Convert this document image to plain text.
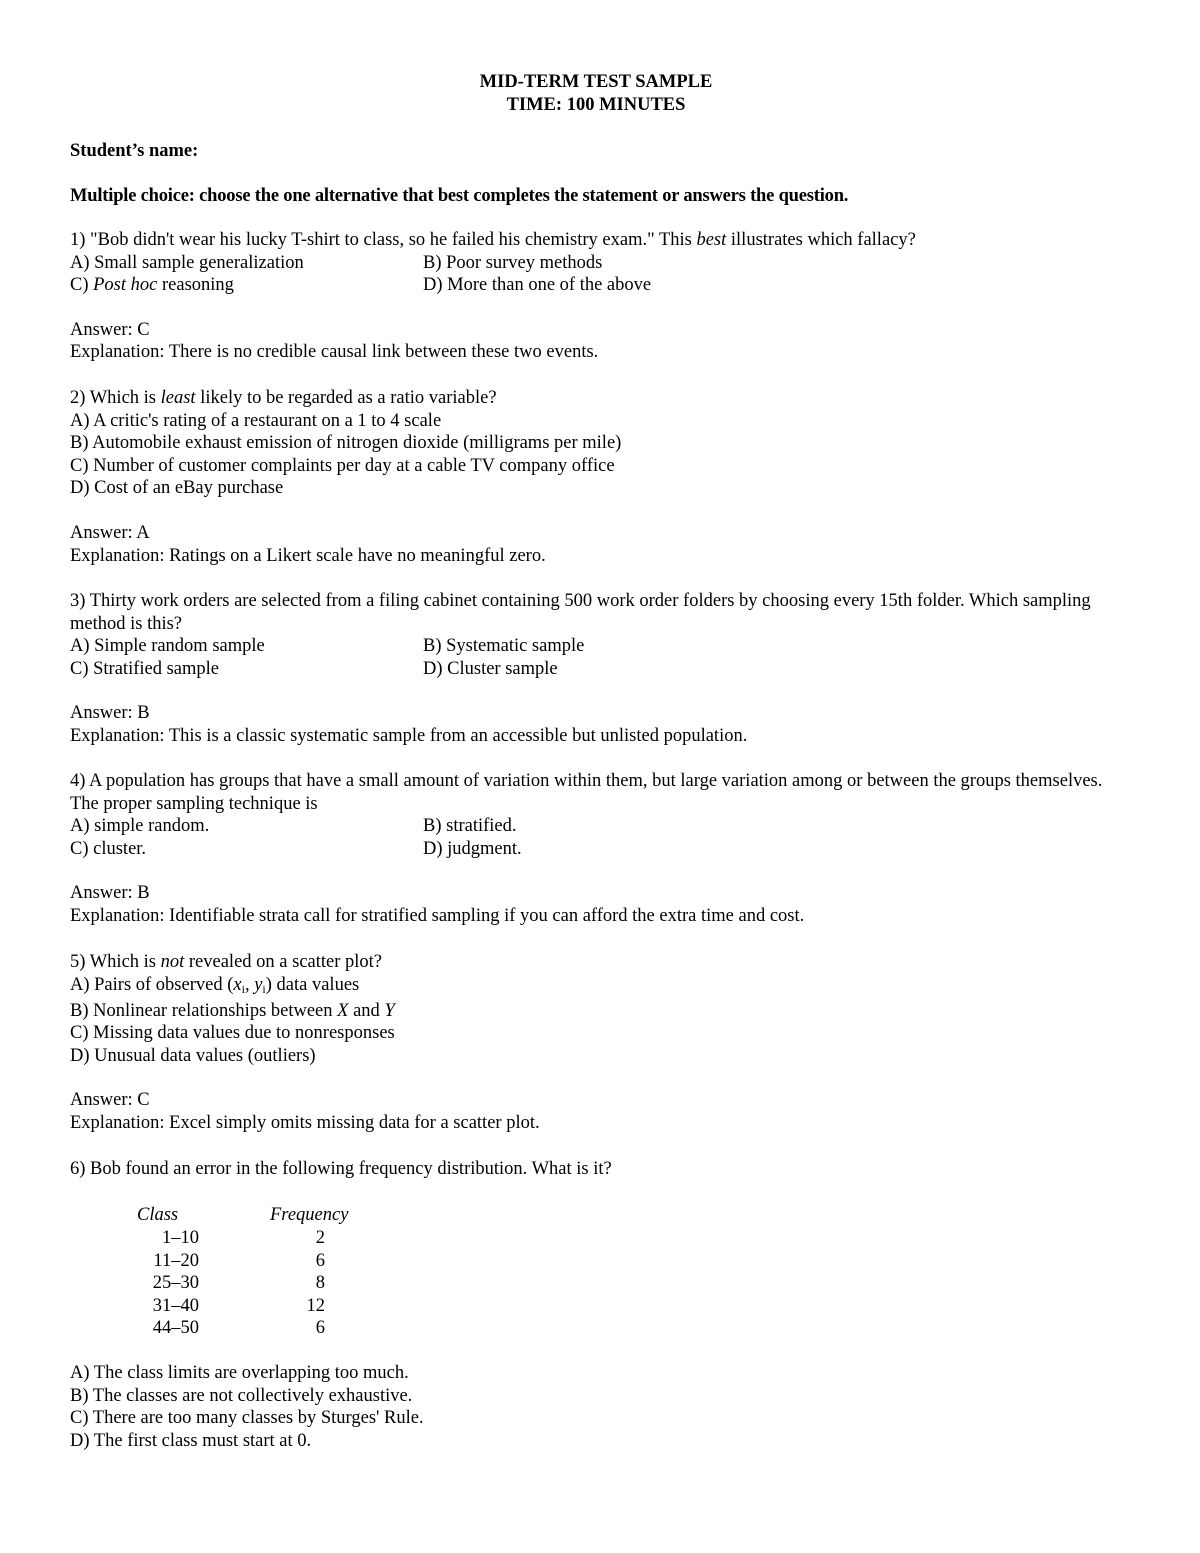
MID-TERM TEST SAMPLE
TIME: 100 MINUTES
Student’s name:
Multiple choice: choose the one alternative that best completes the statement or answers the question.
1) "Bob didn't wear his lucky T-shirt to class, so he failed his chemistry exam." This best illustrates which fallacy?
A) Small sample generalization	B) Poor survey methods
C) Post hoc reasoning	D) More than one of the above
Answer: C
Explanation: There is no credible causal link between these two events.
2) Which is least likely to be regarded as a ratio variable?
A) A critic's rating of a restaurant on a 1 to 4 scale
B) Automobile exhaust emission of nitrogen dioxide (milligrams per mile)
C) Number of customer complaints per day at a cable TV company office
D) Cost of an eBay purchase
Answer: A
Explanation: Ratings on a Likert scale have no meaningful zero.
3) Thirty work orders are selected from a filing cabinet containing 500 work order folders by choosing every 15th folder. Which sampling method is this?
A) Simple random sample	B) Systematic sample
C) Stratified sample	D) Cluster sample
Answer: B
Explanation: This is a classic systematic sample from an accessible but unlisted population.
4) A population has groups that have a small amount of variation within them, but large variation among or between the groups themselves. The proper sampling technique is
A) simple random.	B) stratified.
C) cluster.	D) judgment.
Answer: B
Explanation: Identifiable strata call for stratified sampling if you can afford the extra time and cost.
5) Which is not revealed on a scatter plot?
A) Pairs of observed ($x_i$, $y_i$) data values
B) Nonlinear relationships between X and Y
C) Missing data values due to nonresponses
D) Unusual data values (outliers)
Answer: C
Explanation: Excel simply omits missing data for a scatter plot.
6) Bob found an error in the following frequency distribution. What is it?
Class	Frequency
1–10	2
11–20	6
25–30	8
31–40	12
44–50	6
A) The class limits are overlapping too much.
B) The classes are not collectively exhaustive.
C) There are too many classes by Sturges' Rule.
D) The first class must start at 0.
